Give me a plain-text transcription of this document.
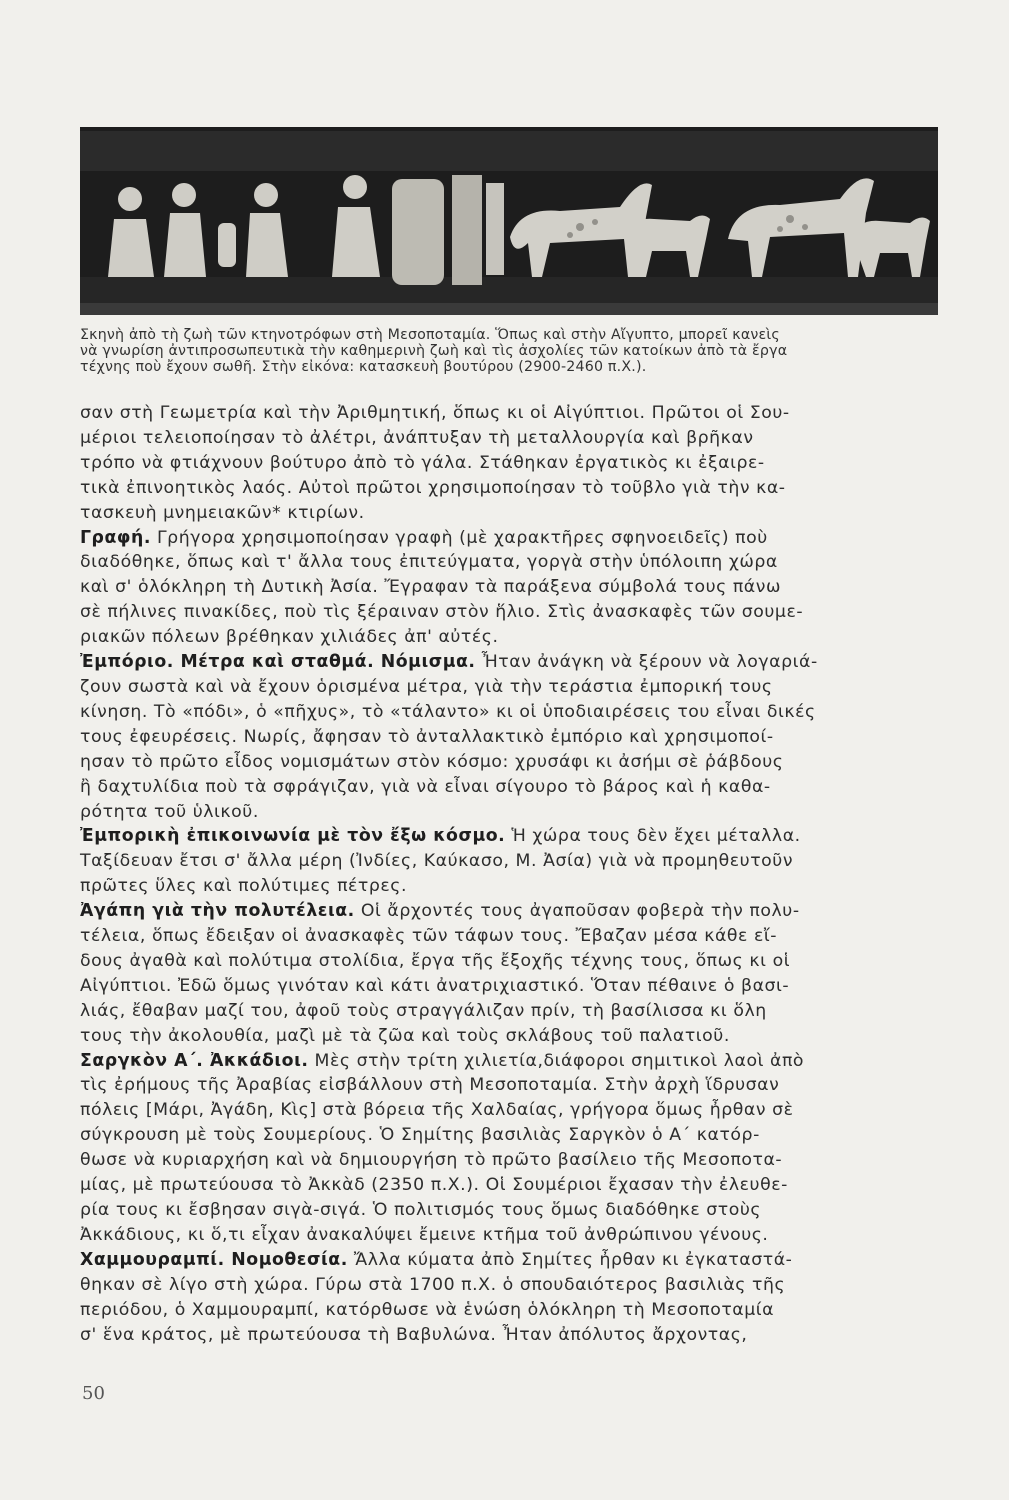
Σκηνὴ ἀπὸ τὴ ζωὴ τῶν κτηνοτρόφων στὴ Μεσοποταμία. Ὅπως καὶ στὴν Αἴγυπτο, μπορεῖ κανεὶς

νὰ γνωρίση ἀντιπροσωπευτικὰ τὴν καθημερινὴ ζωὴ καὶ τὶς ἀσχολίες τῶν κατοίκων ἀπὸ τὰ ἔργα

τέχνης ποὺ ἔχουν σωθῆ. Στὴν εἰκόνα: κατασκευὴ βουτύρου (2900-2460 π.Χ.).

σαν στὴ Γεωμετρία καὶ τὴν Ἀριθμητική, ὅπως κι οἱ Αἰγύπτιοι. Πρῶτοι οἱ Σου-

μέριοι τελειοποίησαν τὸ ἀλέτρι, ἀνάπτυξαν τὴ μεταλλουργία καὶ βρῆκαν

τρόπο νὰ φτιάχνουν βούτυρο ἀπὸ τὸ γάλα. Στάθηκαν ἐργατικὸς κι ἐξαιρε-

τικὰ ἐπινοητικὸς λαός. Αὐτοὶ πρῶτοι χρησιμοποίησαν τὸ τοῦβλο γιὰ τὴν κα-

τασκευὴ μνημειακῶν* κτιρίων.

Γραφή. Γρήγορα χρησιμοποίησαν γραφὴ (μὲ χαρακτῆρες σφηνοειδεῖς) ποὺ

διαδόθηκε, ὅπως καὶ τ' ἄλλα τους ἐπιτεύγματα, γοργὰ στὴν ὑπόλοιπη χώρα

καὶ σ' ὁλόκληρη τὴ Δυτικὴ Ἀσία. Ἔγραφαν τὰ παράξενα σύμβολά τους πάνω

σὲ πήλινες πινακίδες, ποὺ τὶς ξέραιναν στὸν ἥλιο. Στὶς ἀνασκαφὲς τῶν σουμε-

ριακῶν πόλεων βρέθηκαν χιλιάδες ἀπ' αὐτές.

Ἐμπόριο. Μέτρα καὶ σταθμά. Νόμισμα. Ἦταν ἀνάγκη νὰ ξέρουν νὰ λογαριά-

ζουν σωστὰ καὶ νὰ ἔχουν ὁρισμένα μέτρα, γιὰ τὴν τεράστια ἐμπορική τους

κίνηση. Τὸ «πόδι», ὁ «πῆχυς», τὸ «τάλαντο» κι οἱ ὑποδιαιρέσεις του εἶναι δικές

τους ἐφευρέσεις. Νωρίς, ἄφησαν τὸ ἀνταλλακτικὸ ἐμπόριο καὶ χρησιμοποί-

ησαν τὸ πρῶτο εἶδος νομισμάτων στὸν κόσμο: χρυσάφι κι ἀσήμι σὲ ῥάβδους

ἢ δαχτυλίδια ποὺ τὰ σφράγιζαν, γιὰ νὰ εἶναι σίγουρο τὸ βάρος καὶ ἡ καθα-

ρότητα τοῦ ὑλικοῦ.

Ἐμπορικὴ ἐπικοινωνία μὲ τὸν ἔξω κόσμο. Ἡ χώρα τους δὲν ἔχει μέταλλα.

Ταξίδευαν ἔτσι σ' ἄλλα μέρη (Ἰνδίες, Καύκασο, Μ. Ἀσία) γιὰ νὰ προμηθευτοῦν

πρῶτες ὕλες καὶ πολύτιμες πέτρες.

Ἀγάπη γιὰ τὴν πολυτέλεια. Οἱ ἄρχοντές τους ἀγαποῦσαν φοβερὰ τὴν πολυ-

τέλεια, ὅπως ἔδειξαν οἱ ἀνασκαφὲς τῶν τάφων τους. Ἔβαζαν μέσα κάθε εἴ-

δους ἀγαθὰ καὶ πολύτιμα στολίδια, ἔργα τῆς ἔξοχῆς τέχνης τους, ὅπως κι οἱ

Αἰγύπτιοι. Ἐδῶ ὅμως γινόταν καὶ κάτι ἀνατριχιαστικό. Ὅταν πέθαινε ὁ βασι-

λιάς, ἔθαβαν μαζί του, ἀφοῦ τοὺς στραγγάλιζαν πρίν, τὴ βασίλισσα κι ὅλη

τους τὴν ἀκολουθία, μαζὶ μὲ τὰ ζῶα καὶ τοὺς σκλάβους τοῦ παλατιοῦ.

Σαργκὸν Α΄. Ἀκκάδιοι. Μὲς στὴν τρίτη χιλιετία,διάφοροι σημιτικοὶ λαοὶ ἀπὸ

τὶς ἐρήμους τῆς Ἀραβίας εἰσβάλλουν στὴ Μεσοποταμία. Στὴν ἀρχὴ ἵδρυσαν

πόλεις [Μάρι, Ἀγάδη, Κὶς] στὰ βόρεια τῆς Χαλδαίας, γρήγορα ὅμως ἦρθαν σὲ

σύγκρουση μὲ τοὺς Σουμερίους. Ὁ Σημίτης βασιλιὰς Σαργκὸν ὁ Α΄ κατόρ-

θωσε νὰ κυριαρχήση καὶ νὰ δημιουργήση τὸ πρῶτο βασίλειο τῆς Μεσοποτα-

μίας, μὲ πρωτεύουσα τὸ Ἀκκὰδ (2350 π.Χ.). Οἱ Σουμέριοι ἔχασαν τὴν ἐλευθε-

ρία τους κι ἔσβησαν σιγὰ-σιγά. Ὁ πολιτισμός τους ὅμως διαδόθηκε στοὺς

Ἀκκάδιους, κι ὅ,τι εἶχαν ἀνακαλύψει ἔμεινε κτῆμα τοῦ ἀνθρώπινου γένους.

Χαμμουραμπί. Νομοθεσία. Ἄλλα κύματα ἀπὸ Σημίτες ἦρθαν κι ἐγκαταστά-

θηκαν σὲ λίγο στὴ χώρα. Γύρω στὰ 1700 π.Χ. ὁ σπουδαιότερος βασιλιὰς τῆς

περιόδου, ὁ Χαμμουραμπί, κατόρθωσε νὰ ἑνώση ὁλόκληρη τὴ Μεσοποταμία

σ' ἕνα κράτος, μὲ πρωτεύουσα τὴ Βαβυλώνα. Ἦταν ἀπόλυτος ἄρχοντας,

50
